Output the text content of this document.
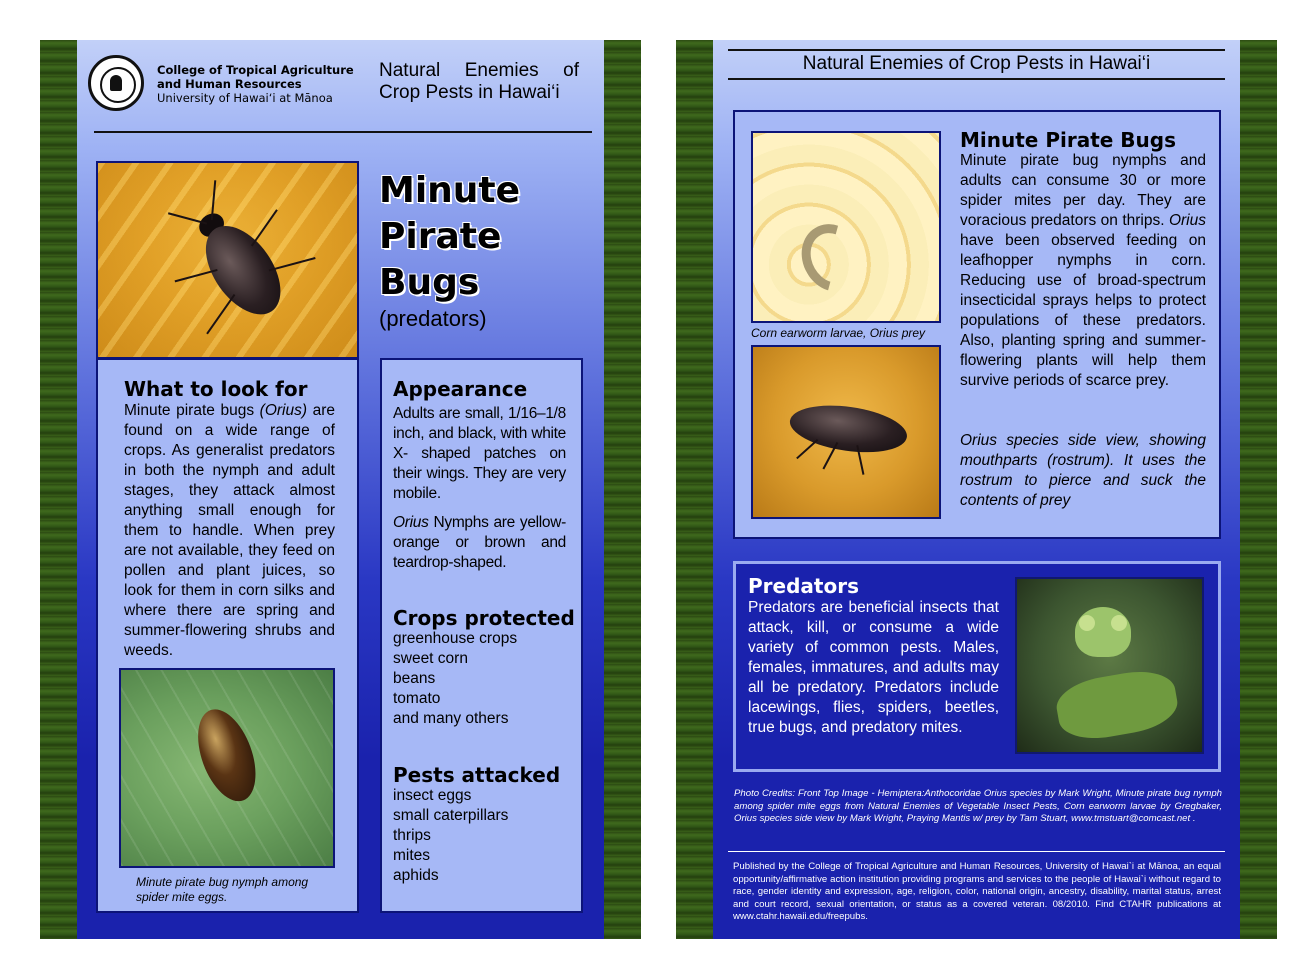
College of Tropical Agriculture
and Human Resources
University of Hawai‘i at Mānoa
Natural Enemies of
Crop Pests in Hawai‘i
Minute
Pirate
Bugs
(predators)
What to look for
Minute pirate bugs (Orius) are found on a wide range of crops. As generalist predators in both the nymph and adult stages, they attack almost anything small enough for them to handle. When prey are not available, they feed on pollen and plant juices, so look for them in corn silks and where there are spring and summer-flowering shrubs and weeds.
Minute pirate bug nymph among spider mite eggs.
Appearance
Adults are small, 1/16–1/8 inch, and black, with white X- shaped patches on their wings. They are very mobile.
Orius Nymphs are yellow-orange or brown and teardrop-shaped.
Crops protected
greenhouse crops
sweet corn
beans
tomato
and many others
Pests attacked
insect eggs
small caterpillars
thrips
mites
aphids
Natural Enemies of Crop Pests in Hawai‘i
Corn earworm larvae, Orius prey
Minute Pirate Bugs
Minute pirate bug nymphs and adults can consume 30 or more spider mites per day. They are voracious predators on thrips. Orius have been observed feeding on leafhopper nymphs in corn. Reducing use of broad-spectrum insecticidal sprays helps to protect populations of these predators. Also, planting spring and summer-flowering plants will help them survive periods of scarce prey.
Orius species side view, showing mouthparts (rostrum). It uses the rostrum to pierce and suck the contents of prey
Predators
Predators are beneficial insects that attack, kill, or consume a wide variety of common pests. Males, females, immatures, and adults may all be predatory. Predators include lacewings, flies, spiders, beetles, true bugs, and predatory mites.
Photo Credits: Front Top Image - Hemiptera:Anthocoridae Orius species by Mark Wright, Minute pirate bug nymph among spider mite eggs from Natural Enemies of Vegetable Insect Pests, Corn earworm larvae by Gregbaker, Orius species side view by Mark Wright, Praying Mantis w/ prey by Tam Stuart, www.tmstuart@comcast.net .
Published by the College of Tropical Agriculture and Human Resources, University of Hawai`i at Mānoa, an equal opportunity/affirmative action institution providing programs and services to the people of Hawai`i without regard to race, gender identity and expression, age, religion, color, national origin, ancestry, disability, marital status, arrest and court record, sexual orientation, or status as a covered veteran. 08/2010. Find CTAHR publications at www.ctahr.hawaii.edu/freepubs.
